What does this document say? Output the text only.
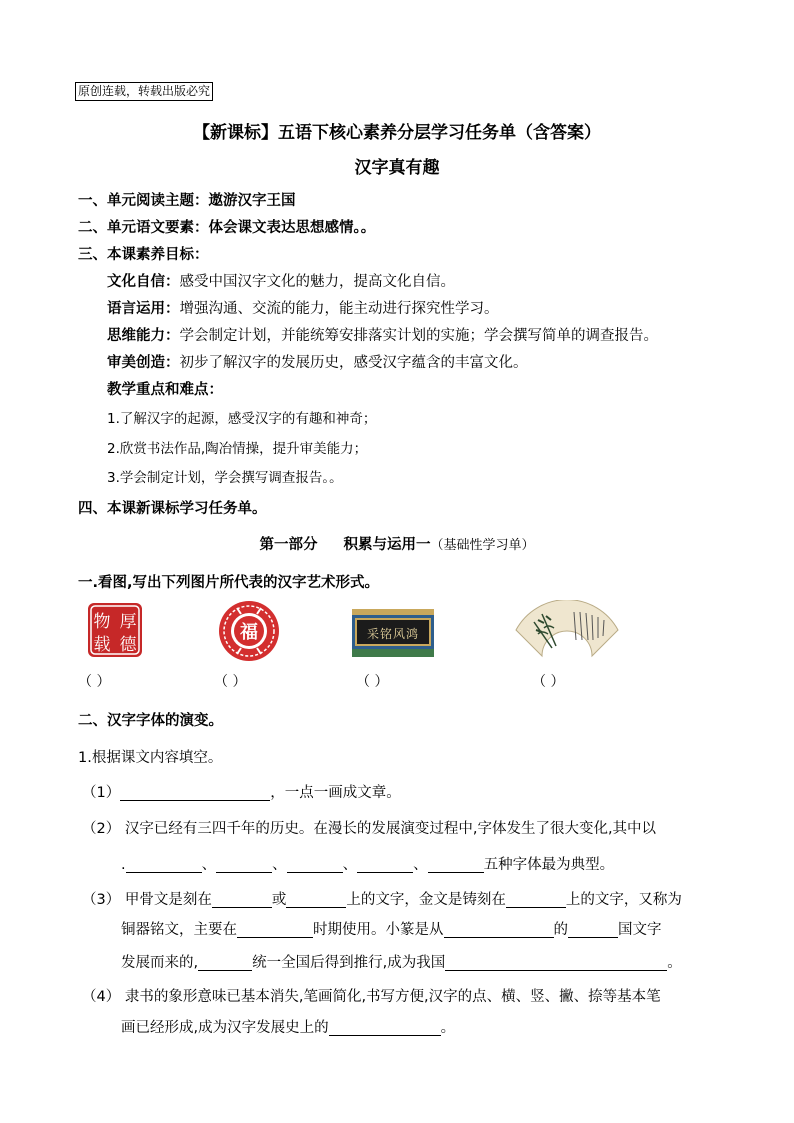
原创连载，转载出版必究
【新课标】五语下核心素养分层学习任务单（含答案）
汉字真有趣
一、单元阅读主题：遨游汉字王国
二、单元语文要素：体会课文表达思想感情。。
三、本课素养目标：
文化自信：感受中国汉字文化的魅力，提高文化自信。
语言运用：增强沟通、交流的能力，能主动进行探究性学习。
思维能力：学会制定计划，并能统筹安排落实计划的实施；学会撰写简单的调查报告。
审美创造：初步了解汉字的发展历史，感受汉字蕴含的丰富文化。
教学重点和难点：
1.了解汉字的起源，感受汉字的有趣和神奇；
2.欣赏书法作品,陶冶情操，提升审美能力；
3.学会制定计划，学会撰写调查报告。。
四、本课新课标学习任务单。
第一部分 积累与运用一（基础性学习单）
一.看图,写出下列图片所代表的汉字艺术形式。
物 厚
载 德
福	采铭风鸿
（ ）	（ ）	（ ）	（ ）
二、汉字字体的演变。
1.根据课文内容填空。
（1）	，一点一画成文章。
（2） 汉字已经有三四千年的历史。在漫长的发展演变过程中,字体发生了很大变化,其中以
.	、	、	、	、	五种字体最为典型。
（3） 甲骨文是刻在	或	上的文字，金文是铸刻在	上的文字，又称为
铜器铭文，主要在	时期使用。小篆是从	的	国文字
发展而来的,	统一全国后得到推行,成为我国	。
（4） 隶书的象形意味已基本消失,笔画简化,书写方便,汉字的点、横、竖、撇、捺等基本笔
画已经形成,成为汉字发展史上的	。
